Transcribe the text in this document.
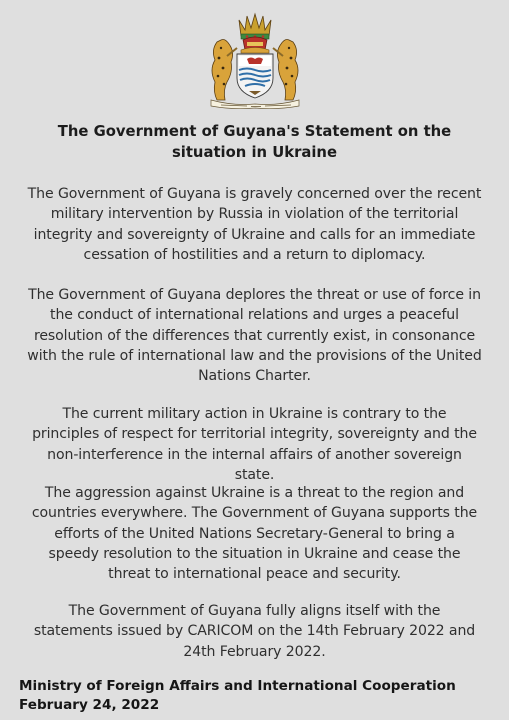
The Government of Guyana's Statement on the situation in Ukraine
The Government of Guyana is gravely concerned over the recent military intervention by Russia in violation of the territorial integrity and sovereignty of Ukraine and calls for an immediate cessation of hostilities and a return to diplomacy.
The Government of Guyana deplores the threat or use of force in the conduct of international relations and urges a peaceful resolution of the differences that currently exist, in consonance with the rule of international law and the provisions of the United Nations Charter.
The current military action in Ukraine is contrary to the principles of respect for territorial integrity, sovereignty and the non-interference in the internal affairs of another sovereign state.
The aggression against Ukraine is a threat to the region and countries everywhere. The Government of Guyana supports the efforts of the United Nations Secretary-General to bring a speedy resolution to the situation in Ukraine and cease the threat to international peace and security.
The Government of Guyana fully aligns itself with the statements issued by CARICOM on the 14th February 2022 and 24th February 2022.
Ministry of Foreign Affairs and International Cooperation
February 24, 2022
